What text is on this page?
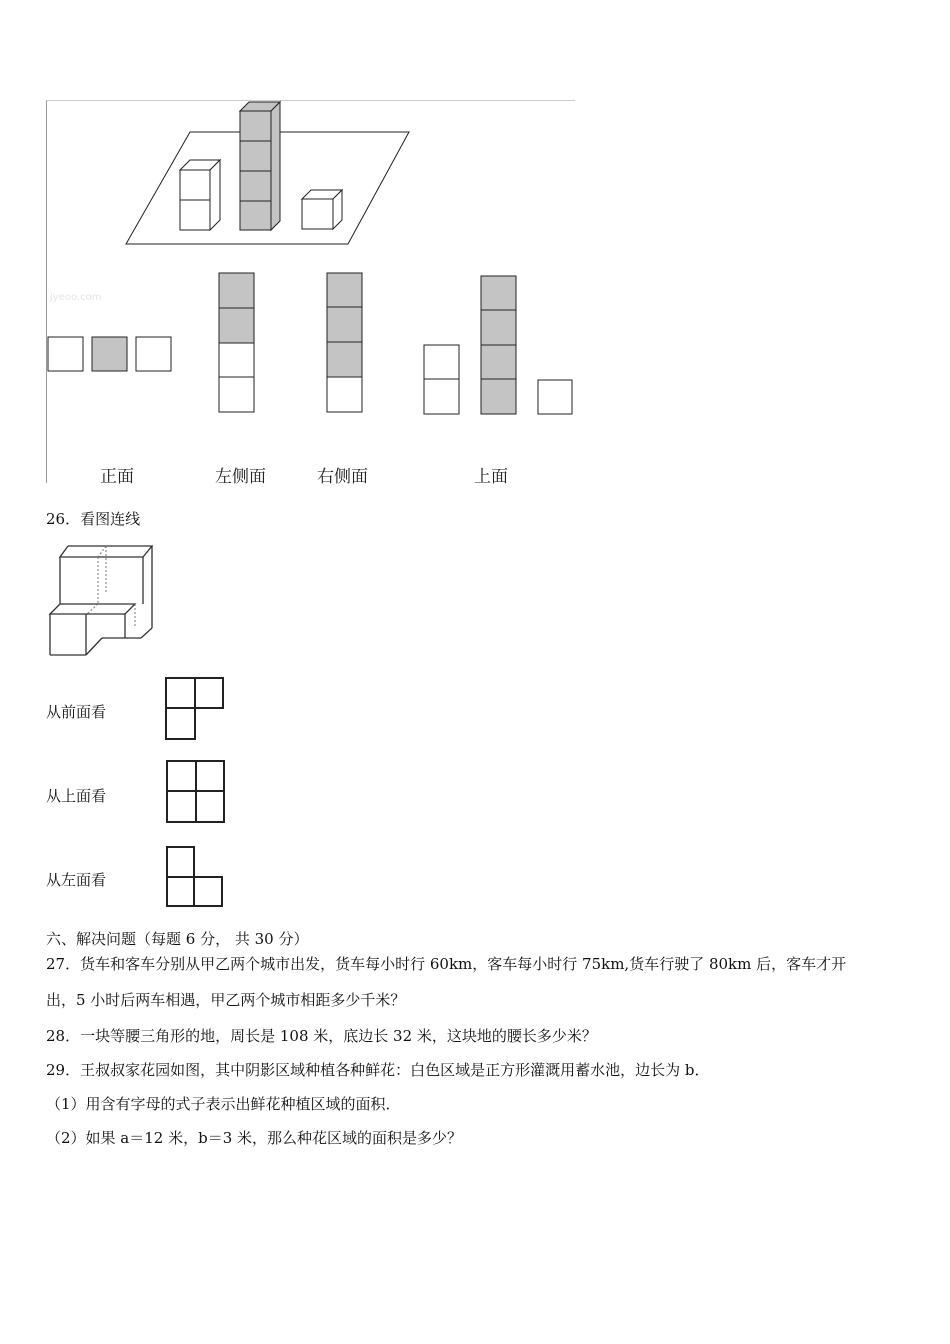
jyeoo.com
正面	左侧面	右侧面	上面
26．看图连线
从前面看
从上面看
从左面看
六、解决问题（每题 6 分， 共 30 分）
27．货车和客车分别从甲乙两个城市出发，货车每小时行 60km，客车每小时行 75km,货车行驶了 80km 后，客车才开
出，5 小时后两车相遇，甲乙两个城市相距多少千米？
28．一块等腰三角形的地，周长是 108 米，底边长 32 米，这块地的腰长多少米？
29．王叔叔家花园如图，其中阴影区域种植各种鲜花：白色区域是正方形灌溉用蓄水池，边长为 b．
（1）用含有字母的式子表示出鲜花种植区域的面积．
（2）如果 a＝12 米，b＝3 米，那么种花区域的面积是多少？
